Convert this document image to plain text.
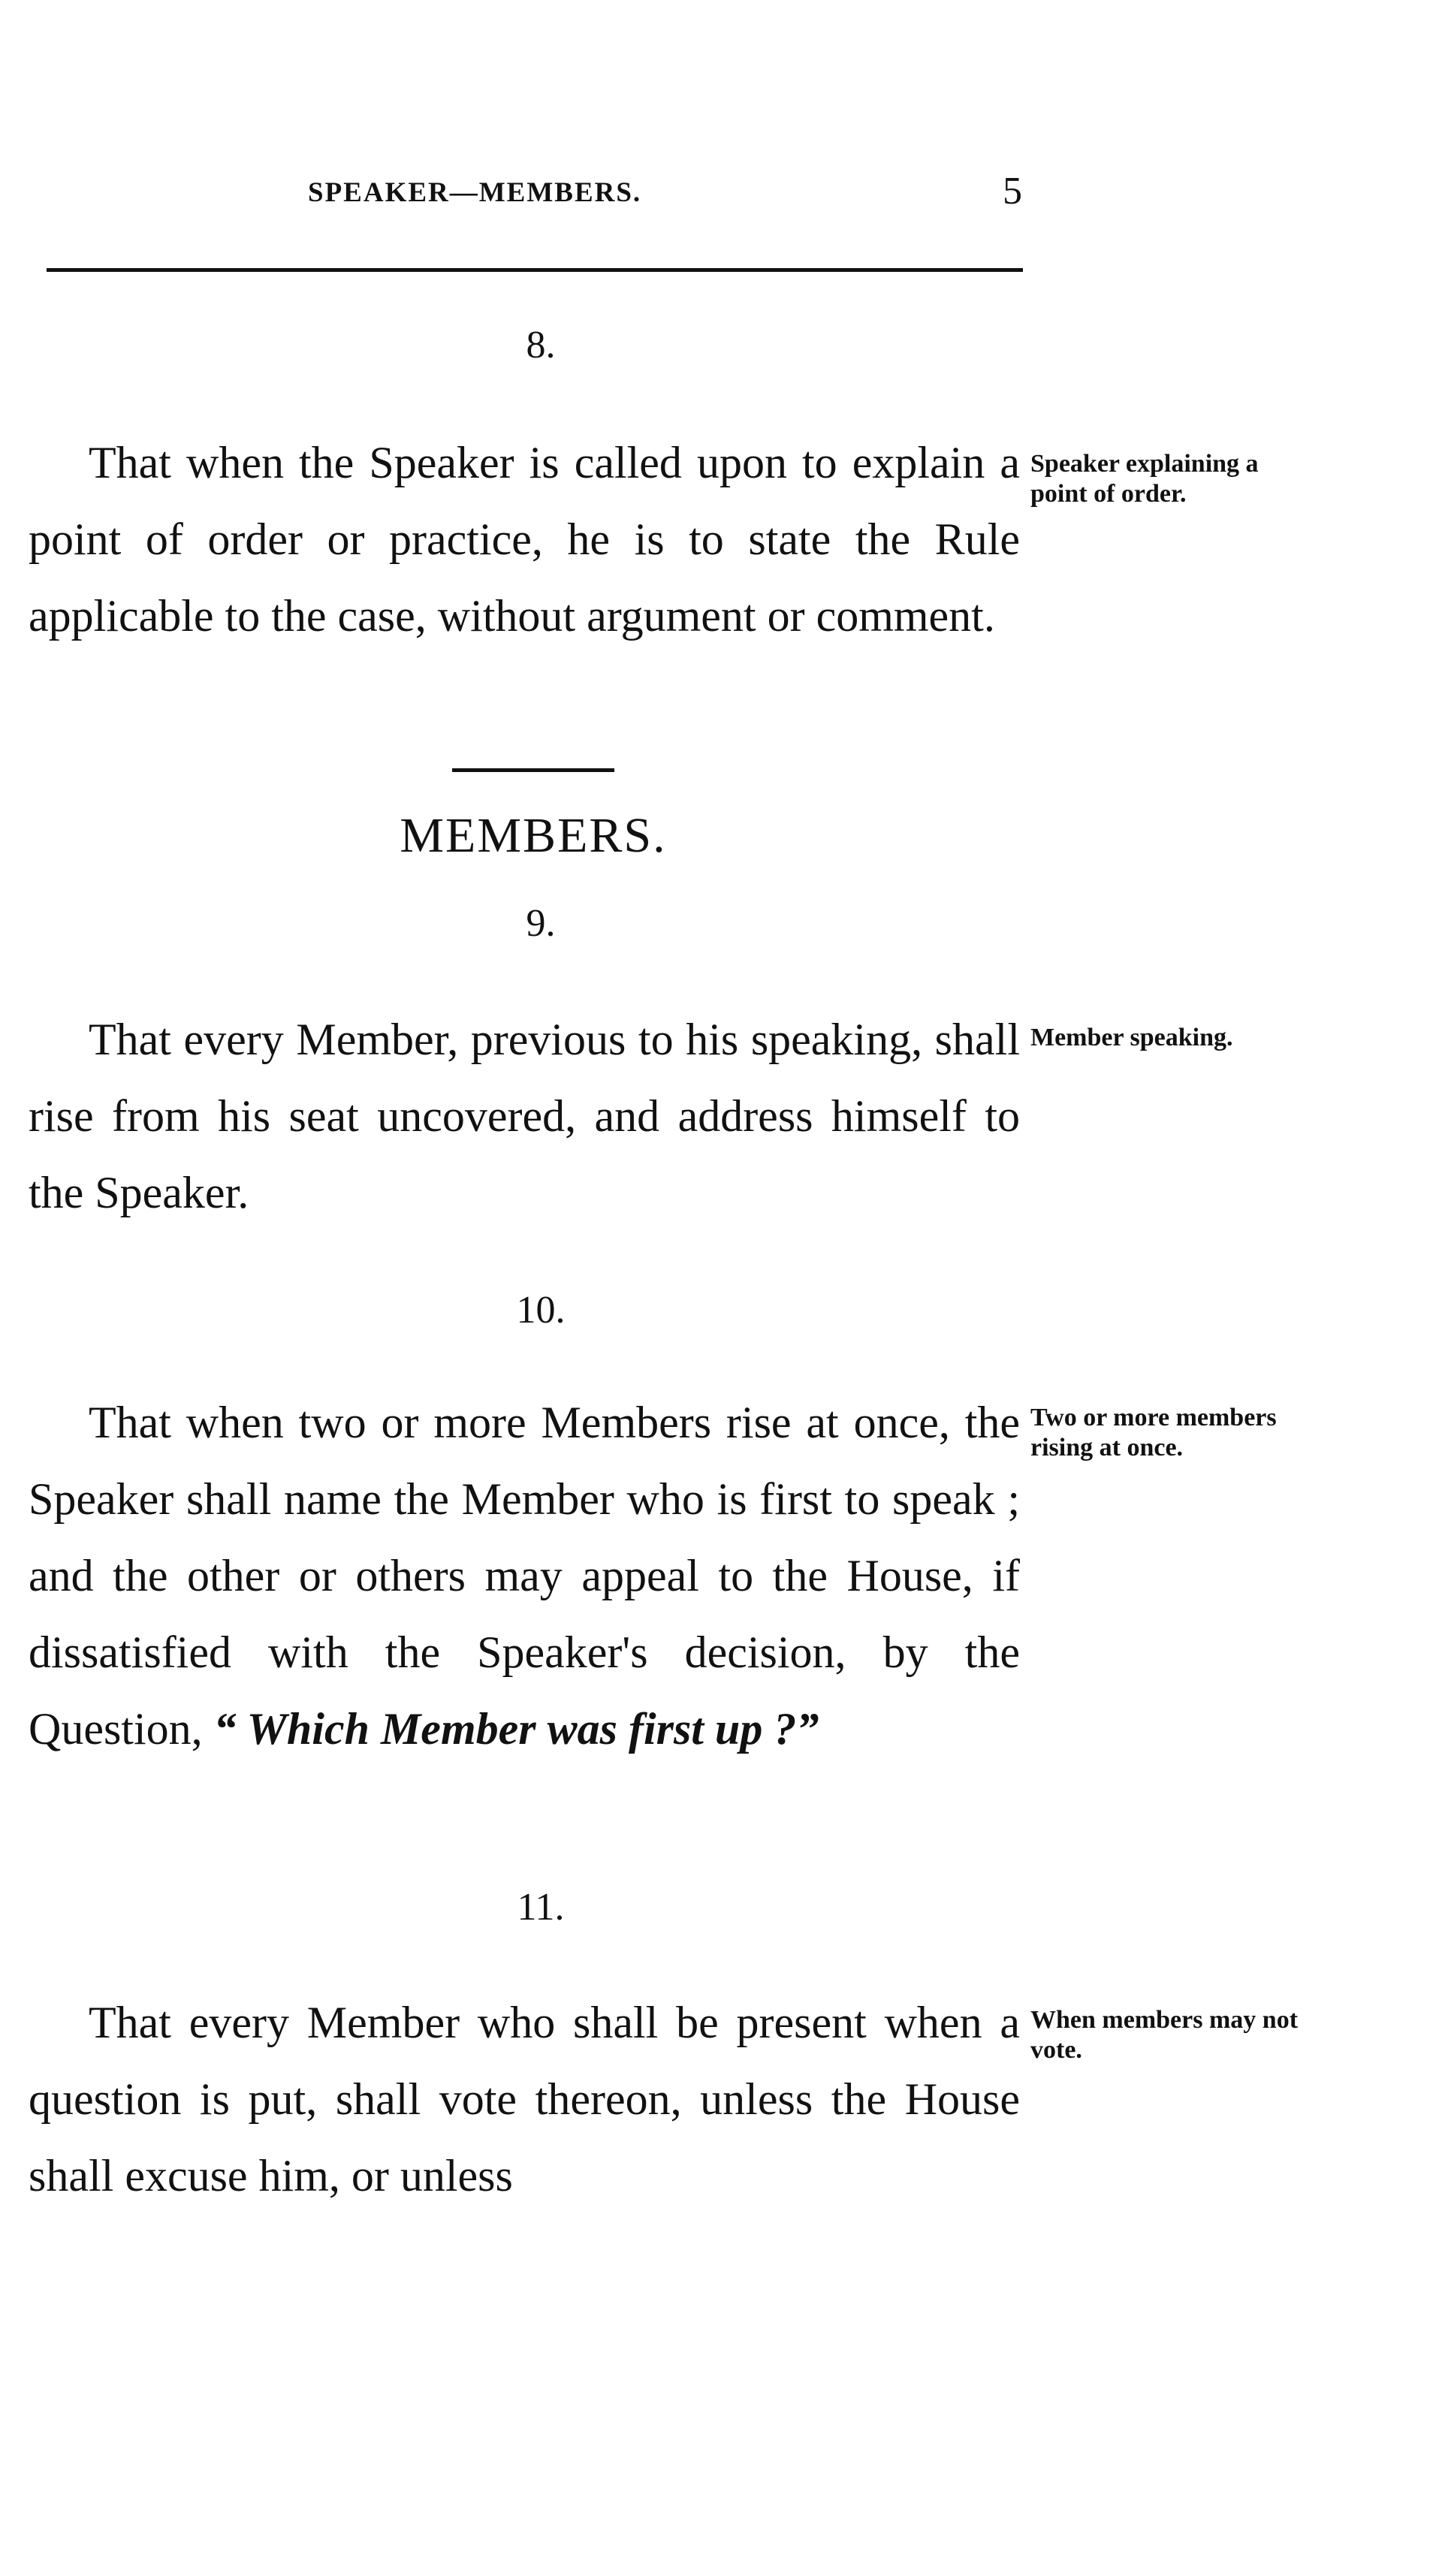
SPEAKER—MEMBERS.	5
8.

That when the Speaker is called upon to explain a point of order or practice, he is to state the Rule applicable to the case, without argument or comment.

Speaker explaining a point of order.
MEMBERS.
9.

That every Member, previous to his speaking, shall rise from his seat uncovered, and address himself to the Speaker.

Member speaking.
10.

That when two or more Members rise at once, the Speaker shall name the Member who is first to speak ; and the other or others may appeal to the House, if dissatisfied with the Speaker's decision, by the Question, “ Which Member was first up ?”

Two or more members rising at once.
11.

That every Member who shall be present when a question is put, shall vote thereon, unless the House shall excuse him, or unless

When members may not vote.
